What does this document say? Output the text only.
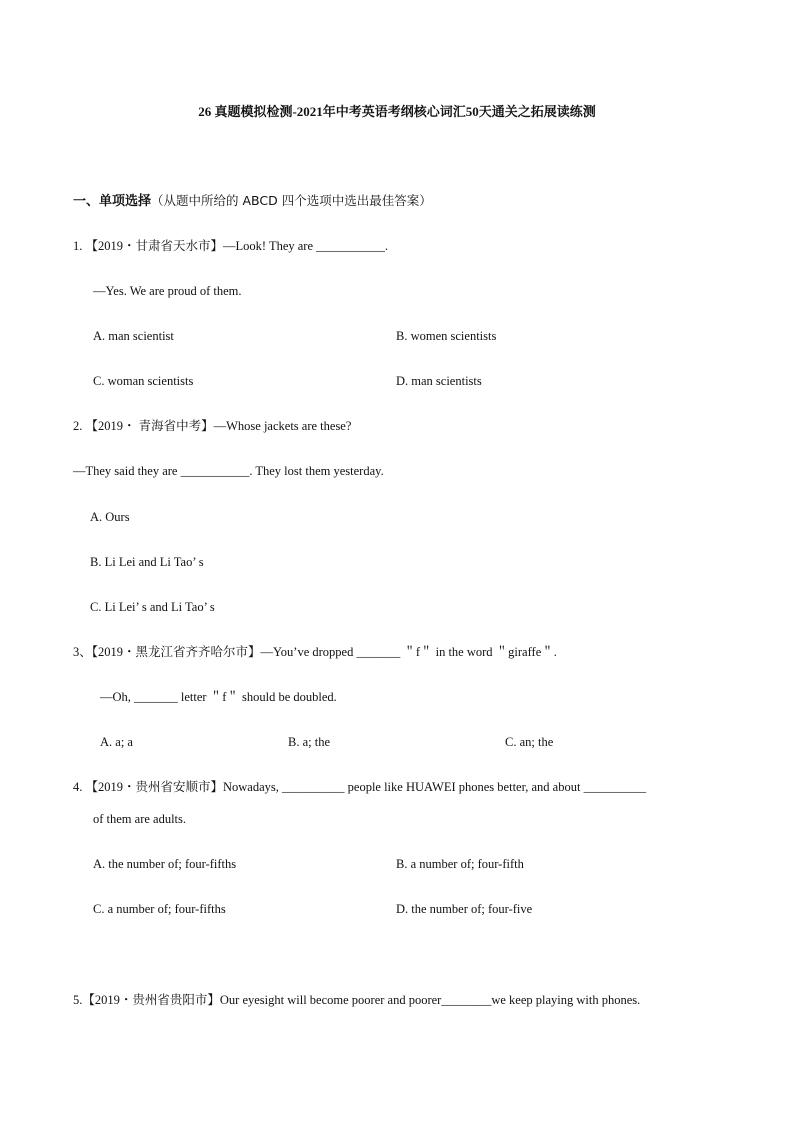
26 真题模拟检测-2021年中考英语考纲核心词汇50天通关之拓展读练测
一、单项选择（从题中所给的 ABCD 四个选项中选出最佳答案）
1. 【2019・甘肃省天水市】—Look! They are ___________.
—Yes. We are proud of them.
A. man scientist	B. women scientists
C. woman scientists	D. man scientists
2. 【2019・ 青海省中考】—Whose jackets are these?
—They said they are ___________. They lost them yesterday.
A. Ours
B. Li Lei and Li Tao’ s
C. Li Lei’ s and Li Tao’ s
3、【2019・黑龙江省齐齐哈尔市】—You’ve dropped _______ ＂f＂ in the word ＂giraffe＂.
—Oh, _______ letter ＂f＂ should be doubled.
A. a; a	B. a; the	C. an; the
4. 【2019・贵州省安顺市】Nowadays, __________ people like HUAWEI phones better, and about __________
of them are adults.
A. the number of; four-fifths	B. a number of; four-fifth
C. a number of; four-fifths	D. the number of; four-five
5.【2019・贵州省贵阳市】Our eyesight will become poorer and poorer________we keep playing with phones.
